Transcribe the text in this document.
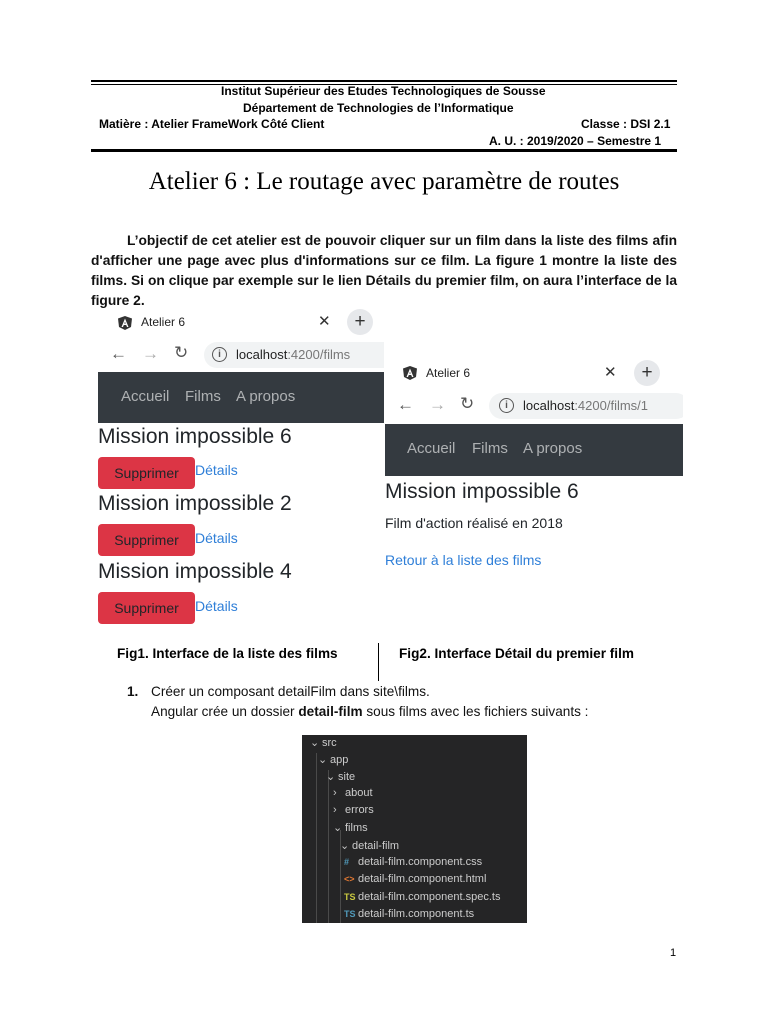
Institut Supérieur des Etudes Technologiques de Sousse
Département de Technologies de l’Informatique
Matière : Atelier FrameWork Côté Client	Classe : DSI 2.1
A. U. : 2019/2020 – Semestre 1
Atelier 6 : Le routage avec paramètre de routes
L’objectif de cet atelier est de pouvoir cliquer sur un film dans la liste des films afin d'afficher une page avec plus d'informations sur ce film. La figure 1 montre la liste des films. Si on clique par exemple sur le lien Détails du premier film, on aura l’interface de la figure 2.
Atelier 6	✕	+
← → ↻	i	localhost:4200/films
Accueil Films A propos
Mission impossible 6
Supprimer	Détails
Mission impossible 2
Supprimer	Détails
Mission impossible 4
Supprimer	Détails
Atelier 6	✕	+
← → ↻	i	localhost:4200/films/1
Accueil Films A propos
Mission impossible 6
Film d'action réalisé en 2018
Retour à la liste des films
Fig1. Interface de la liste des films	Fig2. Interface Détail du premier film
1. Créer un composant detailFilm dans site\films.
Angular crée un dossier detail-film sous films avec les fichiers suivants :
⌄ src
⌄ app
⌄ site
› about
› errors
⌄ films
⌄ detail-film
# detail-film.component.css
<> detail-film.component.html
TS detail-film.component.spec.ts
TS detail-film.component.ts
1
